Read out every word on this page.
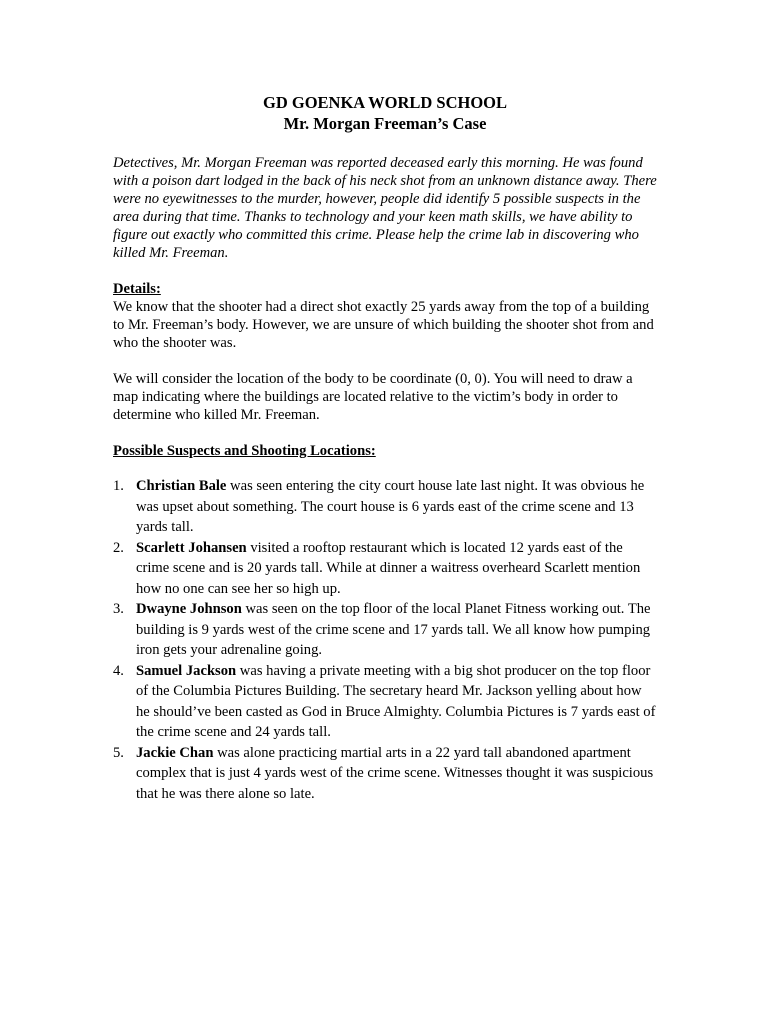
GD GOENKA WORLD SCHOOL

Mr. Morgan Freeman’s Case

Detectives, Mr. Morgan Freeman was reported deceased early this morning. He was found with a poison dart lodged in the back of his neck shot from an unknown distance away. There were no eyewitnesses to the murder, however, people did identify 5 possible suspects in the area during that time. Thanks to technology and your keen math skills, we have ability to figure out exactly who committed this crime. Please help the crime lab in discovering who killed Mr. Freeman.

Details:

We know that the shooter had a direct shot exactly 25 yards away from the top of a building to Mr. Freeman’s body. However, we are unsure of which building the shooter shot from and who the shooter was.

We will consider the location of the body to be coordinate (0, 0). You will need to draw a map indicating where the buildings are located relative to the victim’s body in order to determine who killed Mr. Freeman.

Possible Suspects and Shooting Locations:

1. Christian Bale was seen entering the city court house late last night. It was obvious he was upset about something. The court house is 6 yards east of the crime scene and 13 yards tall.
2. Scarlett Johansen visited a rooftop restaurant which is located 12 yards east of the crime scene and is 20 yards tall. While at dinner a waitress overheard Scarlett mention how no one can see her so high up.
3. Dwayne Johnson was seen on the top floor of the local Planet Fitness working out. The building is 9 yards west of the crime scene and 17 yards tall. We all know how pumping iron gets your adrenaline going.
4. Samuel Jackson was having a private meeting with a big shot producer on the top floor of the Columbia Pictures Building. The secretary heard Mr. Jackson yelling about how he should’ve been casted as God in Bruce Almighty. Columbia Pictures is 7 yards east of the crime scene and 24 yards tall.
5. Jackie Chan was alone practicing martial arts in a 22 yard tall abandoned apartment complex that is just 4 yards west of the crime scene. Witnesses thought it was suspicious that he was there alone so late.
